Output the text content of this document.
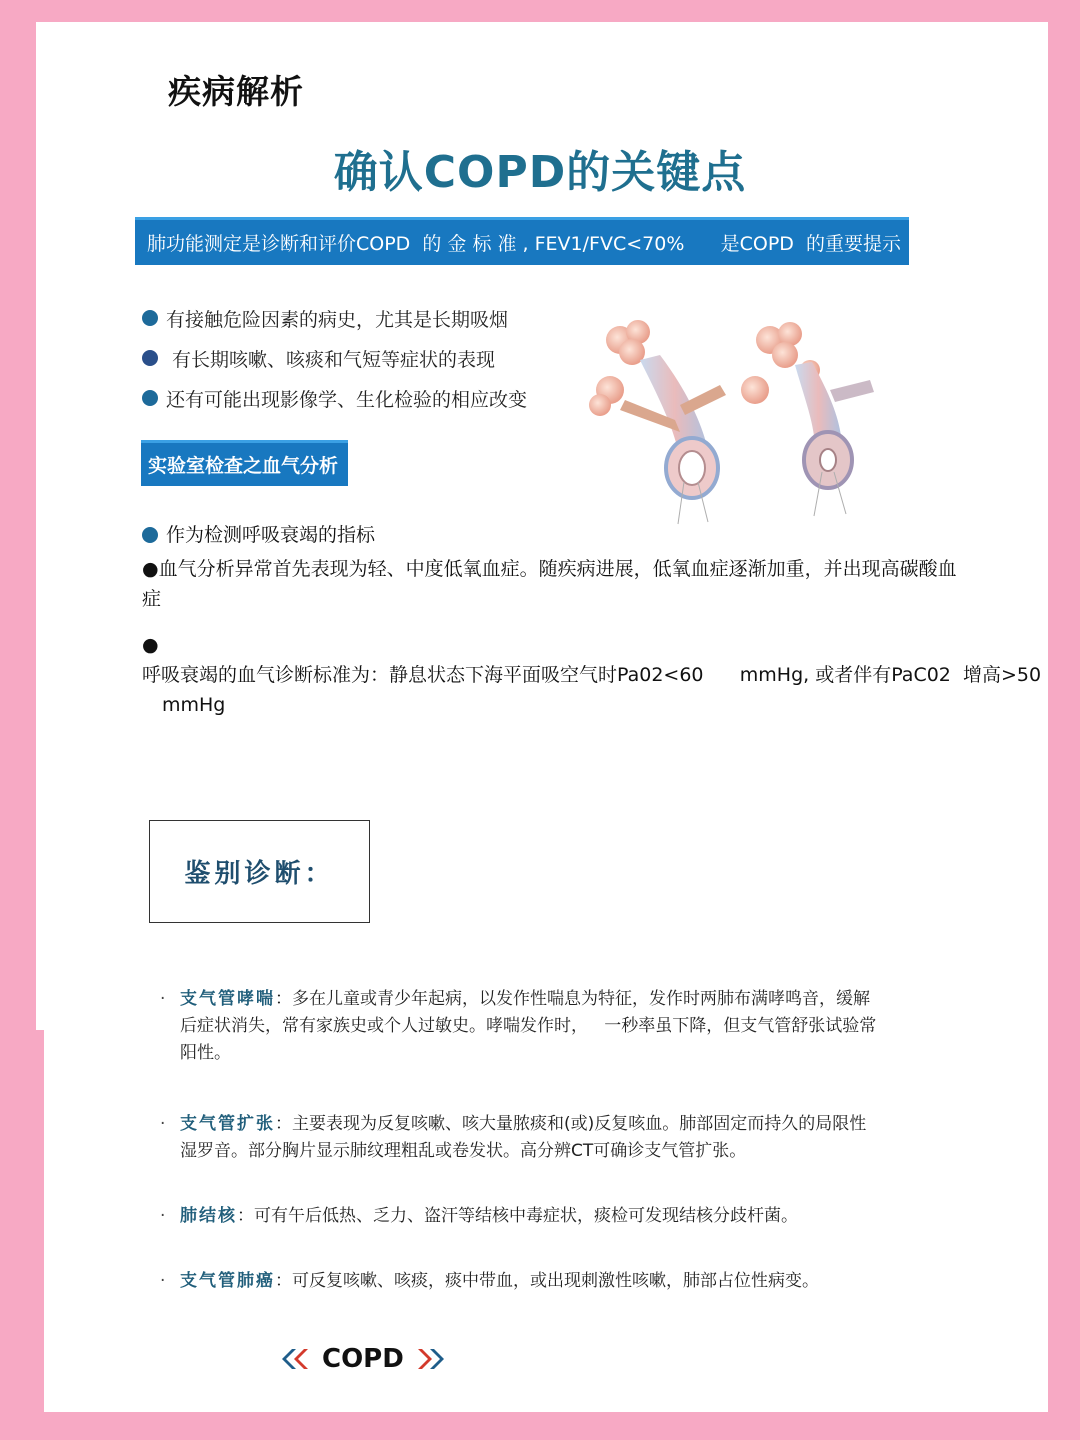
疾病解析
确认COPD的关键点
肺功能测定是诊断和评价COPD  的 金 标 准 , FEV1/FVC<70%      是COPD  的重要提示
有接触危险因素的病史，尤其是长期吸烟
有长期咳嗽、咳痰和气短等症状的表现
还有可能出现影像学、生化检验的相应改变
实验室检查之血气分析
作为检测呼吸衰竭的指标
●血气分析异常首先表现为轻、中度低氧血症。随疾病进展，低氧血症逐渐加重，并出现高碳酸血症
●呼吸衰竭的血气诊断标准为：静息状态下海平面吸空气时Pa02<60      mmHg, 或者伴有PaC02  增高>50
mmHg
鉴别诊断：
· 支气管哮喘：多在儿童或青少年起病，以发作性喘息为特征，发作时两肺布满哮鸣音，缓解后症状消失，常有家族史或个人过敏史。哮喘发作时，   一秒率虽下降，但支气管舒张试验常阳性。
· 支气管扩张：主要表现为反复咳嗽、咳大量脓痰和(或)反复咳血。肺部固定而持久的局限性湿罗音。部分胸片显示肺纹理粗乱或卷发状。高分辨CT可确诊支气管扩张。
· 肺结核：可有午后低热、乏力、盗汗等结核中毒症状，痰检可发现结核分歧杆菌。
· 支气管肺癌：可反复咳嗽、咳痰，痰中带血，或出现刺激性咳嗽，肺部占位性病变。
COPD
